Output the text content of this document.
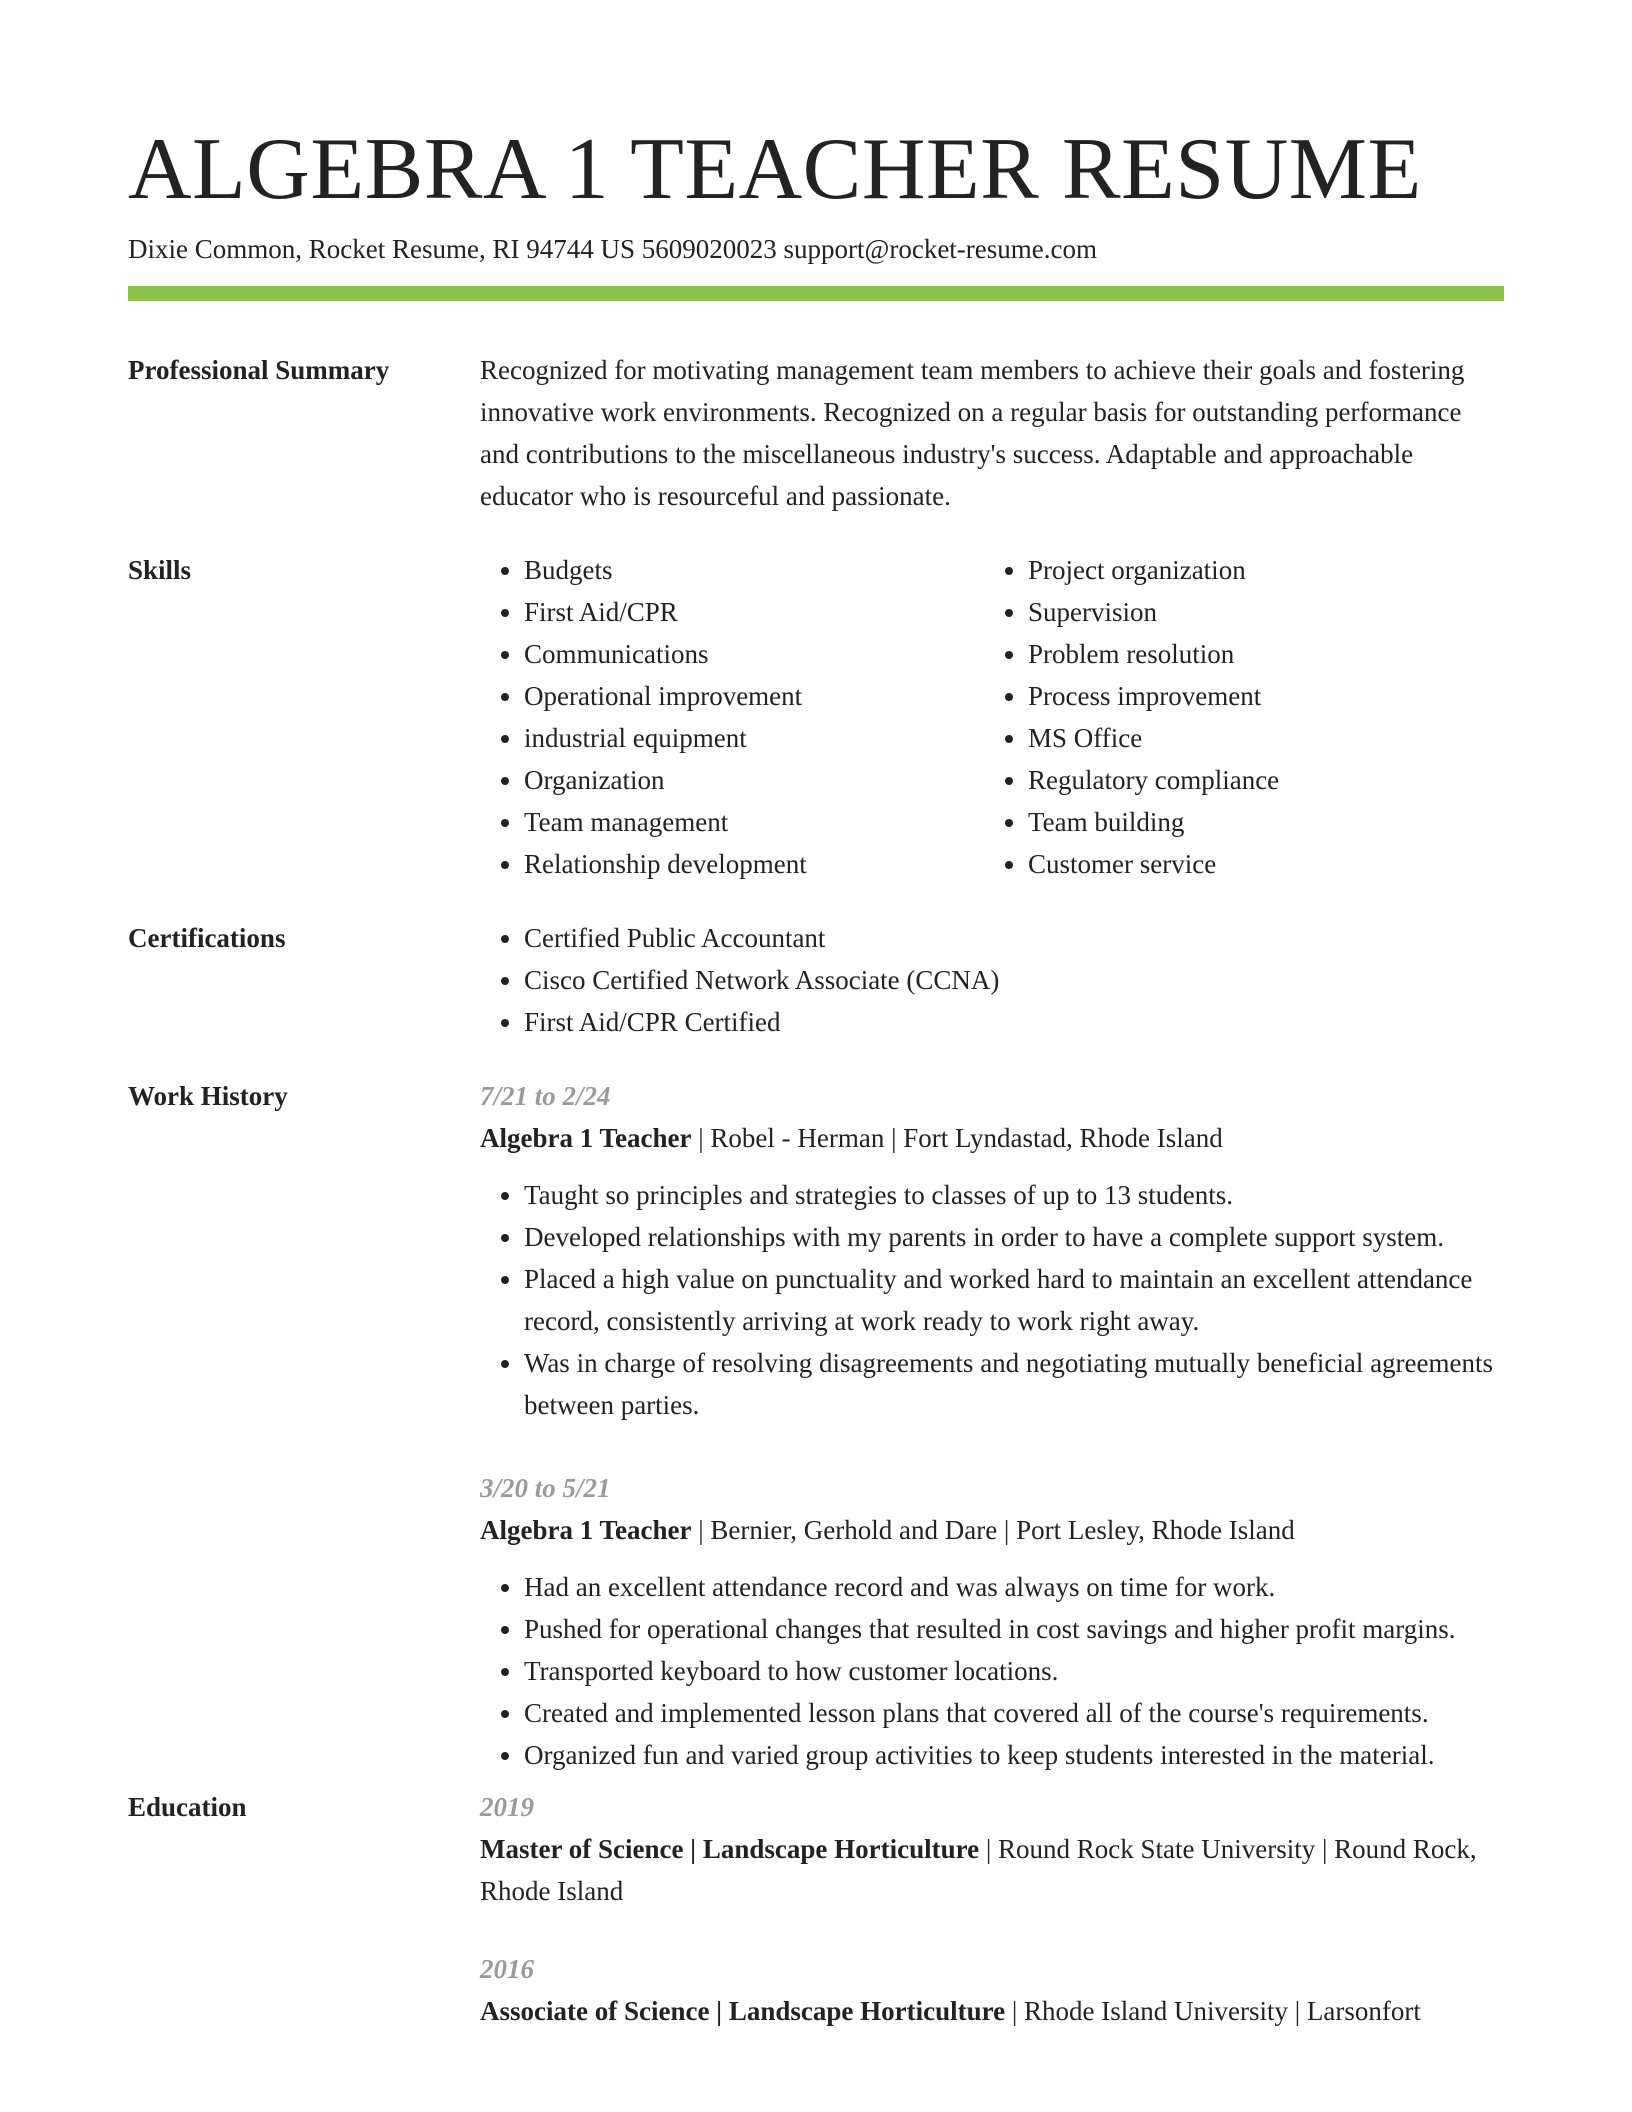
ALGEBRA 1 TEACHER RESUME
Dixie Common, Rocket Resume, RI 94744 US 5609020023 support@rocket-resume.com
Professional Summary	Recognized for motivating management team members to achieve their goals and fostering innovative work environments. Recognized on a regular basis for outstanding performance and contributions to the miscellaneous industry's success. Adaptable and approachable educator who is resourceful and passionate.

Skills	• Budgets
• First Aid/CPR
• Communications
• Operational improvement
• industrial equipment
• Organization
• Team management
• Relationship development
• Project organization
• Supervision
• Problem resolution
• Process improvement
• MS Office
• Regulatory compliance
• Team building
• Customer service
Certifications	• Certified Public Accountant
• Cisco Certified Network Associate (CCNA)
• First Aid/CPR Certified
Work History	7/21 to 2/24
Algebra 1 Teacher | Robel - Herman | Fort Lyndastad, Rhode Island
• Taught so principles and strategies to classes of up to 13 students.
• Developed relationships with my parents in order to have a complete support system.
• Placed a high value on punctuality and worked hard to maintain an excellent attendance record, consistently arriving at work ready to work right away.
• Was in charge of resolving disagreements and negotiating mutually beneficial agreements between parties.
3/20 to 5/21
Algebra 1 Teacher | Bernier, Gerhold and Dare | Port Lesley, Rhode Island
• Had an excellent attendance record and was always on time for work.
• Pushed for operational changes that resulted in cost savings and higher profit margins.
• Transported keyboard to how customer locations.
• Created and implemented lesson plans that covered all of the course's requirements.
• Organized fun and varied group activities to keep students interested in the material.
Education	2019
Master of Science | Landscape Horticulture | Round Rock State University | Round Rock, Rhode Island
2016
Associate of Science | Landscape Horticulture | Rhode Island University | Larsonfort
